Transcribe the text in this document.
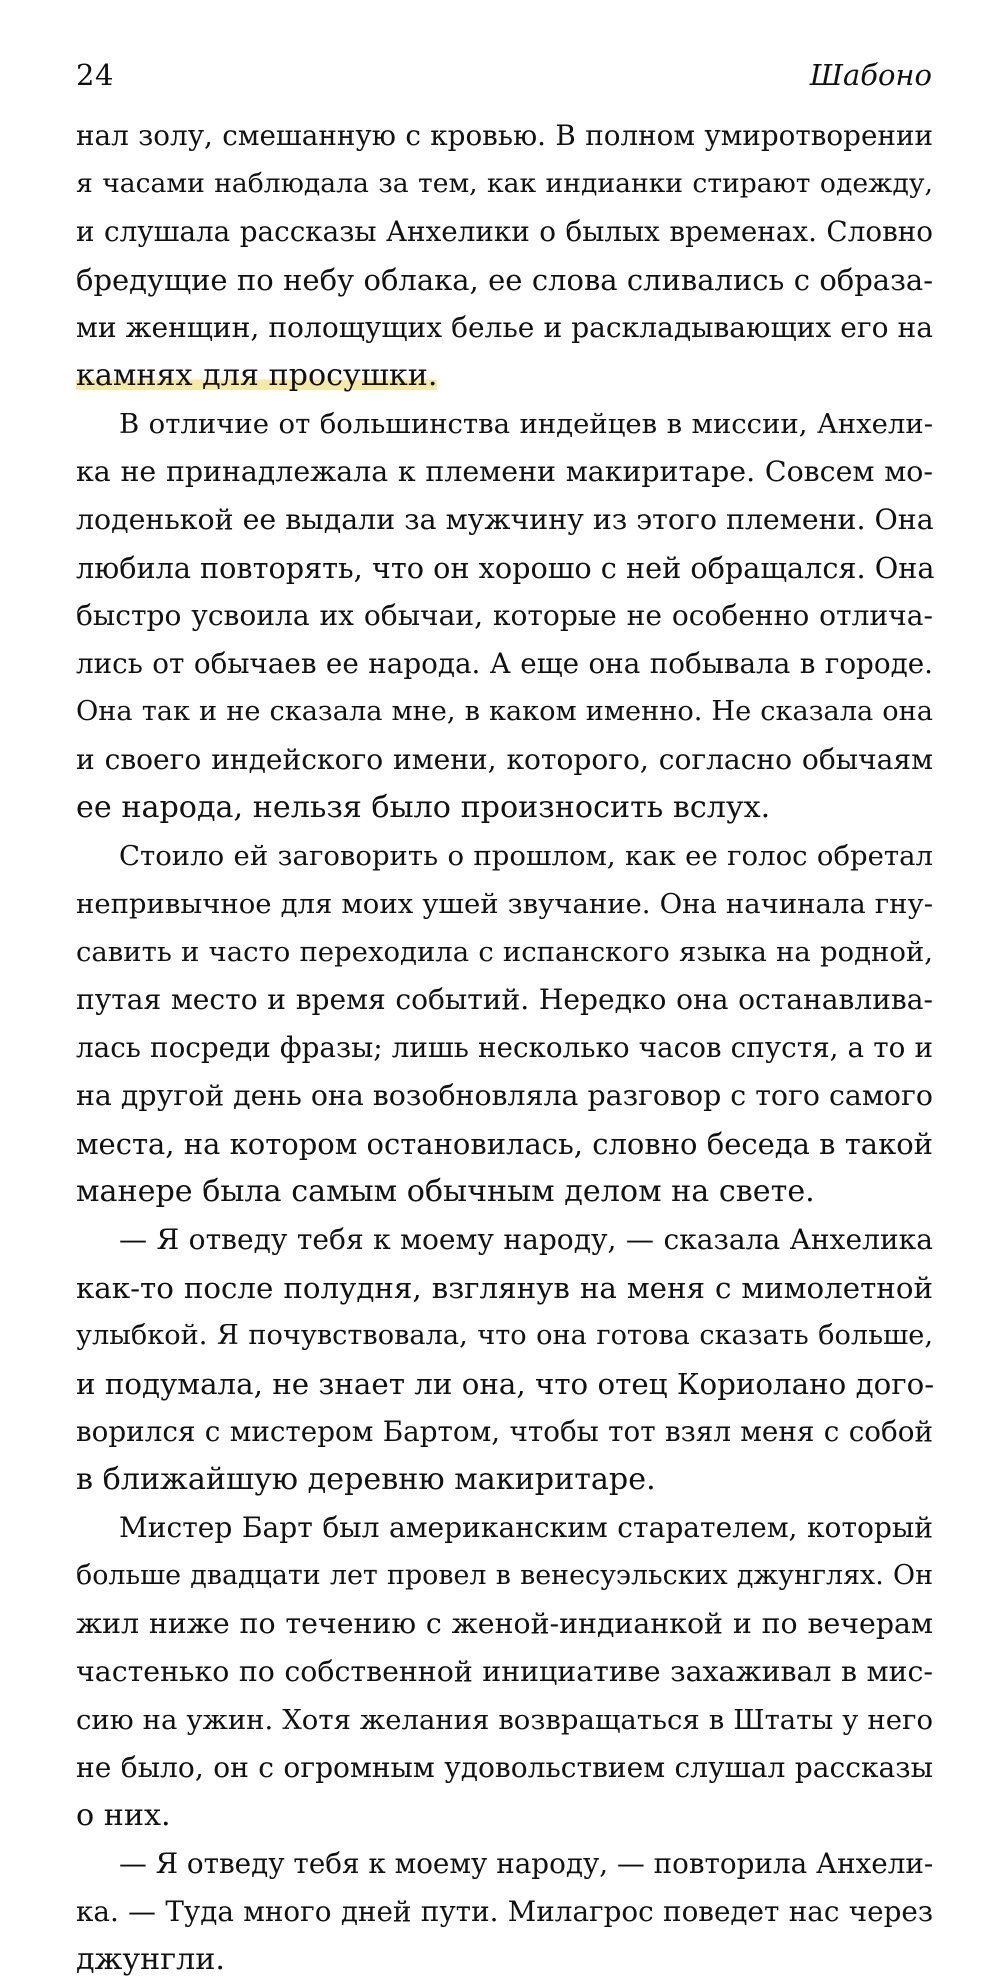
24	Шабоно
нал золу, смешанную с кровью. В полном умиротворении
я часами наблюдала за тем, как индианки стирают одежду,
и слушала рассказы Анхелики о былых временах. Словно
бредущие по небу облака, ее слова сливались с образа-
ми женщин, полощущих белье и раскладывающих его на
камнях для просушки.
В отличие от большинства индейцев в миссии, Анхели-
ка не принадлежала к племени макиритаре. Совсем мо-
лоденькой ее выдали за мужчину из этого племени. Она
любила повторять, что он хорошо с ней обращался. Она
быстро усвоила их обычаи, которые не особенно отлича-
лись от обычаев ее народа. А еще она побывала в городе.
Она так и не сказала мне, в каком именно. Не сказала она
и своего индейского имени, которого, согласно обычаям
ее народа, нельзя было произносить вслух.
Стоило ей заговорить о прошлом, как ее голос обретал
непривычное для моих ушей звучание. Она начинала гну-
савить и часто переходила с испанского языка на родной,
путая место и время событий. Нередко она останавлива-
лась посреди фразы; лишь несколько часов спустя, а то и
на другой день она возобновляла разговор с того самого
места, на котором остановилась, словно беседа в такой
манере была самым обычным делом на свете.
— Я отведу тебя к моему народу, — сказала Анхелика
как-то после полудня, взглянув на меня с мимолетной
улыбкой. Я почувствовала, что она готова сказать больше,
и подумала, не знает ли она, что отец Кориолано дого-
ворился с мистером Бартом, чтобы тот взял меня с собой
в ближайшую деревню макиритаре.
Мистер Барт был американским старателем, который
больше двадцати лет провел в венесуэльских джунглях. Он
жил ниже по течению с женой-индианкой и по вечерам
частенько по собственной инициативе захаживал в мис-
сию на ужин. Хотя желания возвращаться в Штаты у него
не было, он с огромным удовольствием слушал рассказы
о них.
— Я отведу тебя к моему народу, — повторила Анхели-
ка. — Туда много дней пути. Милагрос поведет нас через
джунгли.
